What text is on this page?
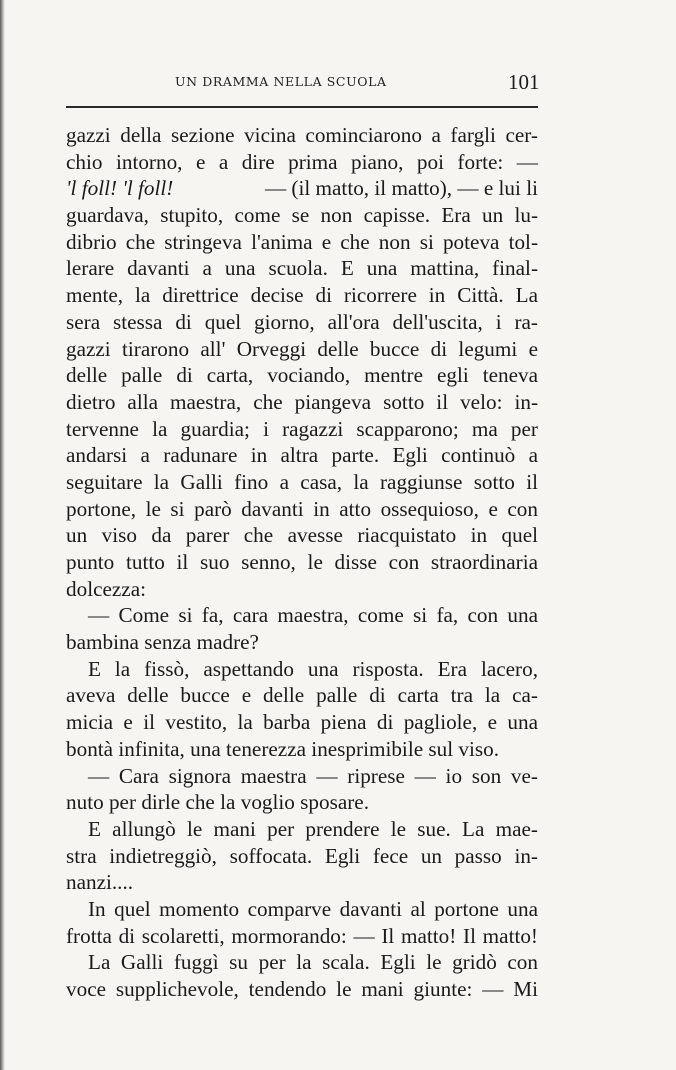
UN DRAMMA NELLA SCUOLA	101
gazzi della sezione vicina cominciarono a fargli cer-
chio intorno, e a dire prima piano, poi forte: —
'l foll! 'l foll!	— (il matto, il matto), — e lui li
guardava, stupito, come se non capisse. Era un lu-
dibrio che stringeva l'anima e che non si poteva tol-
lerare davanti a una scuola. E una mattina, final-
mente, la direttrice decise di ricorrere in Città. La
sera stessa di quel giorno, all'ora dell'uscita, i ra-
gazzi tirarono all' Orveggi delle bucce di legumi e
delle palle di carta, vociando, mentre egli teneva
dietro alla maestra, che piangeva sotto il velo: in-
tervenne la guardia; i ragazzi scapparono; ma per
andarsi a radunare in altra parte. Egli continuò a
seguitare la Galli fino a casa, la raggiunse sotto il
portone, le si parò davanti in atto ossequioso, e con
un viso da parer che avesse riacquistato in quel
punto tutto il suo senno, le disse con straordinaria
dolcezza:
— Come si fa, cara maestra, come si fa, con una
bambina senza madre?
E la fissò, aspettando una risposta. Era lacero,
aveva delle bucce e delle palle di carta tra la ca-
micia e il vestito, la barba piena di pagliole, e una
bontà infinita, una tenerezza inesprimibile sul viso.
— Cara signora maestra — riprese — io son ve-
nuto per dirle che la voglio sposare.
E allungò le mani per prendere le sue. La mae-
stra indietreggiò, soffocata. Egli fece un passo in-
nanzi....
In quel momento comparve davanti al portone una
frotta di scolaretti, mormorando: — Il matto! Il matto!
La Galli fuggì su per la scala. Egli le gridò con
voce supplichevole, tendendo le mani giunte: — Mi
